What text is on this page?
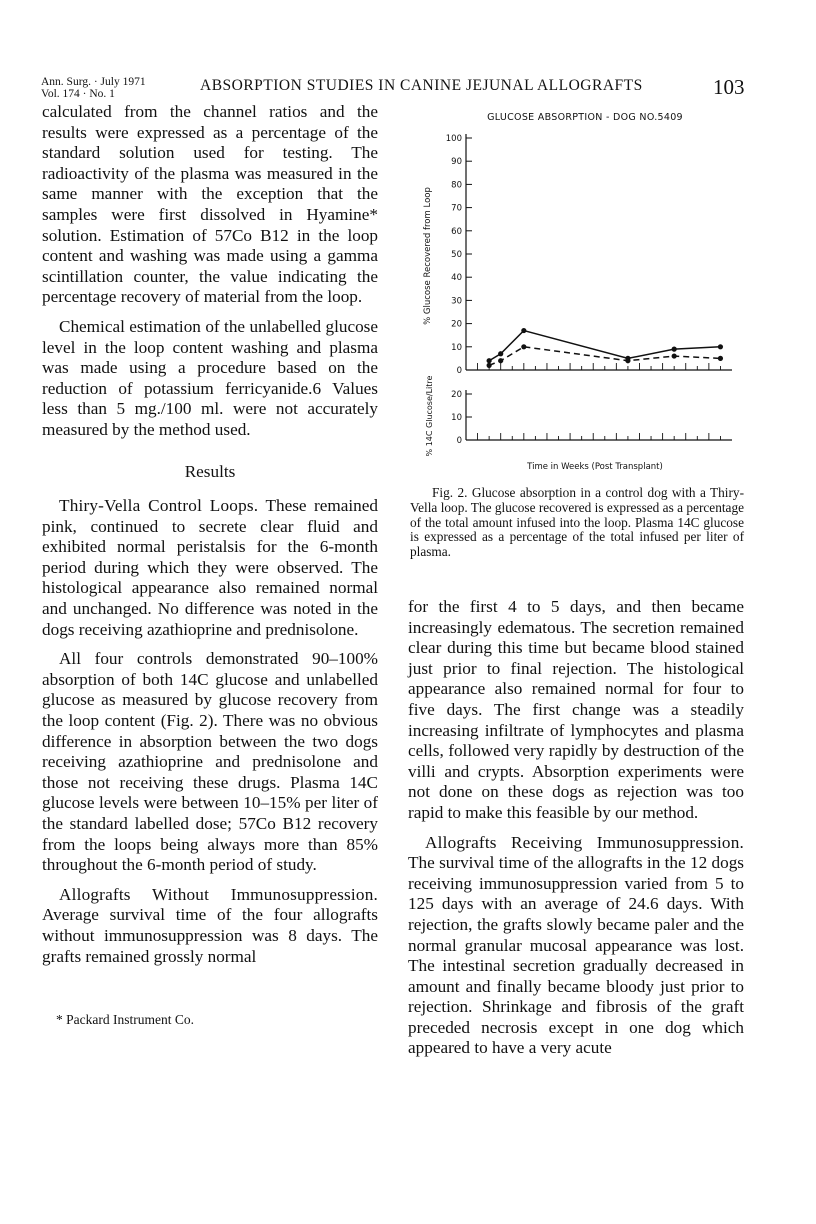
Ann. Surg. · July 1971
Vol. 174 · No. 1	ABSORPTION STUDIES IN CANINE JEJUNAL ALLOGRAFTS	103

calculated from the channel ratios and the results were expressed as a percentage of the standard solution used for testing. The radioactivity of the plasma was measured in the same manner with the exception that the samples were first dissolved in Hyamine* solution. Estimation of 57Co B12 in the loop content and washing was made using a gamma scintillation counter, the value indicating the percentage recovery of material from the loop.

Chemical estimation of the unlabelled glucose level in the loop content washing and plasma was made using a procedure based on the reduction of potassium ferricyanide.6 Values less than 5 mg./100 ml. were not accurately measured by the method used.

Results

Thiry-Vella Control Loops. These remained pink, continued to secrete clear fluid and exhibited normal peristalsis for the 6-month period during which they were observed. The histological appearance also remained normal and unchanged. No difference was noted in the dogs receiving azathioprine and prednisolone.

All four controls demonstrated 90–100% absorption of both 14C glucose and unlabelled glucose as measured by glucose recovery from the loop content (Fig. 2). There was no obvious difference in absorption between the two dogs receiving azathioprine and prednisolone and those not receiving these drugs. Plasma 14C glucose levels were between 10–15% per liter of the standard labelled dose; 57Co B12 recovery from the loops being always more than 85% throughout the 6-month period of study.

Allografts Without Immunosuppression. Average survival time of the four allografts without immunosuppression was 8 days. The grafts remained grossly normal

* Packard Instrument Co.
GLUCOSE ABSORPTION - DOG NO.5409
0
10
20
30
40
50
60
70
80
90
100
0
10
20
% Glucose Recovered from Loop
% 14C Glucose/Litre
Time in Weeks (Post Transplant)
Fig. 2. Glucose absorption in a control dog with a Thiry-Vella loop. The glucose recovered is expressed as a percentage of the total amount infused into the loop. Plasma 14C glucose is expressed as a percentage of the total infused per liter of plasma.

for the first 4 to 5 days, and then became increasingly edematous. The secretion remained clear during this time but became blood stained just prior to final rejection. The histological appearance also remained normal for four to five days. The first change was a steadily increasing infiltrate of lymphocytes and plasma cells, followed very rapidly by destruction of the villi and crypts. Absorption experiments were not done on these dogs as rejection was too rapid to make this feasible by our method.

Allografts Receiving Immunosuppression. The survival time of the allografts in the 12 dogs receiving immunosuppression varied from 5 to 125 days with an average of 24.6 days. With rejection, the grafts slowly became paler and the normal granular mucosal appearance was lost. The intestinal secretion gradually decreased in amount and finally became bloody just prior to rejection. Shrinkage and fibrosis of the graft preceded necrosis except in one dog which appeared to have a very acute
